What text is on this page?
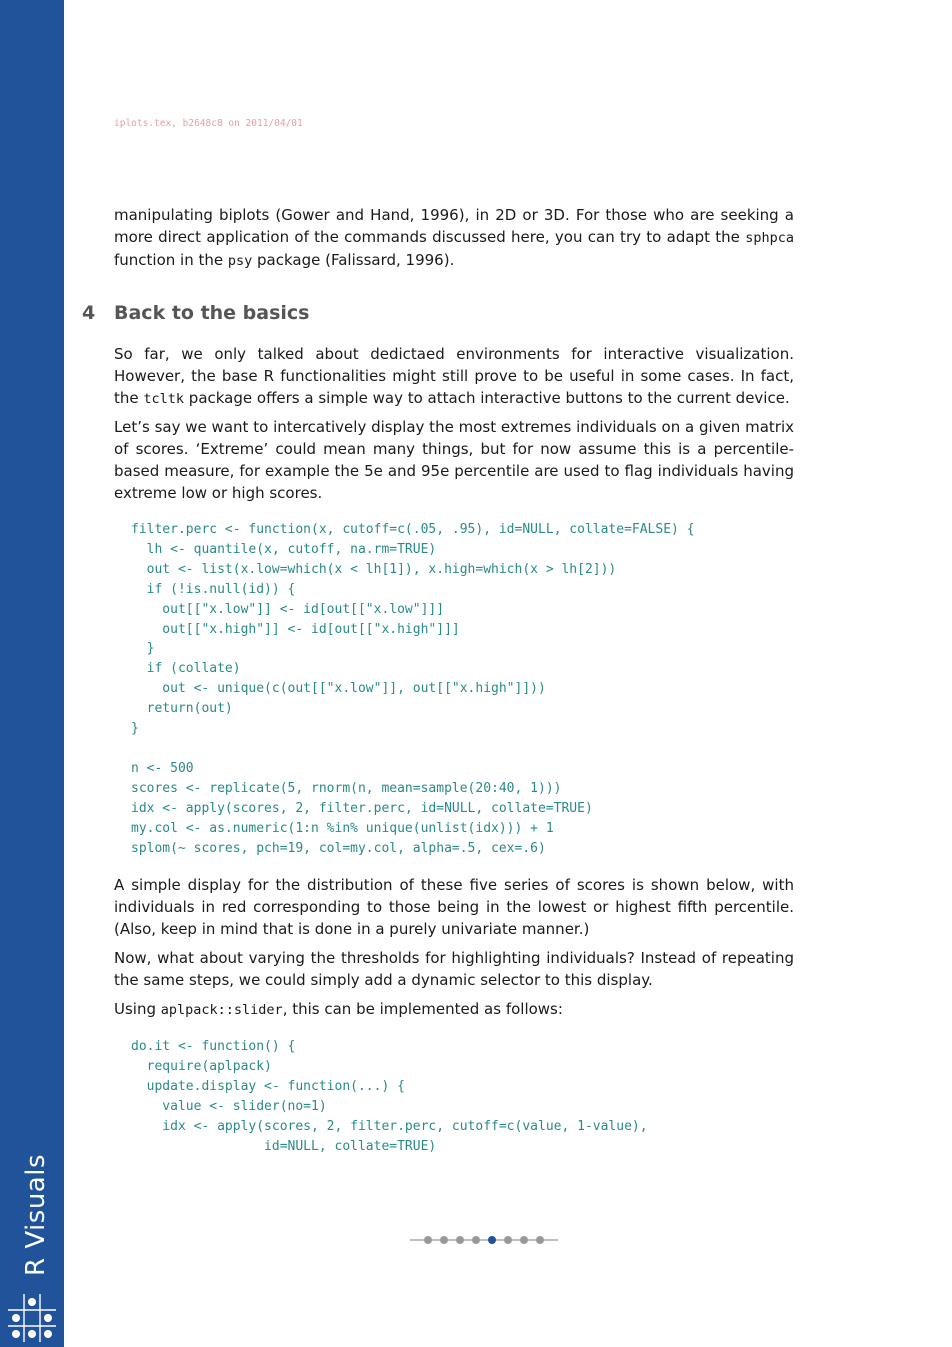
R Visuals
iplots.tex, b2648c8 on 2011/04/01

manipulating biplots (Gower and Hand, 1996), in 2D or 3D. For those who are seeking a more direct application of the commands discussed here, you can try to adapt the sphpca function in the psy package (Falissard, 1996).

4 Back to the basics

So far, we only talked about dedictaed environments for interactive visualization. However, the base R functionalities might still prove to be useful in some cases. In fact, the tcltk package offers a simple way to attach interactive buttons to the current device.

Let’s say we want to intercatively display the most extremes individuals on a given matrix of scores. ‘Extreme’ could mean many things, but for now assume this is a percentile-based measure, for example the 5e and 95e percentile are used to flag individuals having extreme low or high scores.

filter.perc <- function(x, cutoff=c(.05, .95), id=NULL, collate=FALSE) {
lh <- quantile(x, cutoff, na.rm=TRUE)
out <- list(x.low=which(x < lh[1]), x.high=which(x > lh[2]))
if (!is.null(id)) {
out[["x.low"]] <- id[out[["x.low"]]]
out[["x.high"]] <- id[out[["x.high"]]]
}
if (collate)
out <- unique(c(out[["x.low"]], out[["x.high"]]))
return(out)
}

n <- 500
scores <- replicate(5, rnorm(n, mean=sample(20:40, 1)))
idx <- apply(scores, 2, filter.perc, id=NULL, collate=TRUE)
my.col <- as.numeric(1:n %in% unique(unlist(idx))) + 1
splom(~ scores, pch=19, col=my.col, alpha=.5, cex=.6)

A simple display for the distribution of these five series of scores is shown below, with individuals in red corresponding to those being in the lowest or highest fifth percentile. (Also, keep in mind that is done in a purely univariate manner.)

Now, what about varying the thresholds for highlighting individuals? Instead of repeating the same steps, we could simply add a dynamic selector to this display.

Using aplpack::slider, this can be implemented as follows:

do.it <- function() {
require(aplpack)
update.display <- function(...) {
value <- slider(no=1)
idx <- apply(scores, 2, filter.perc, cutoff=c(value, 1-value),
id=NULL, collate=TRUE)
